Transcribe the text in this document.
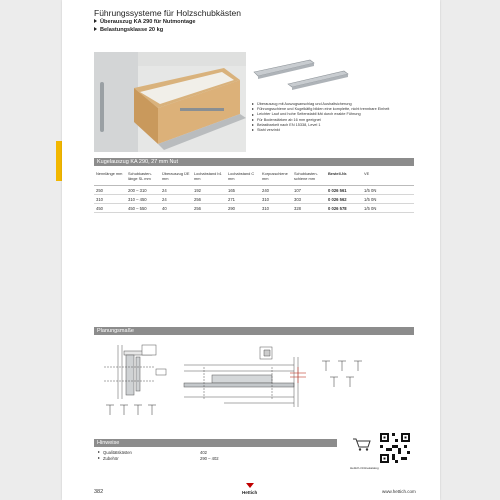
Führungssysteme für Holzschubkästen
Überauszug KA 290 für Nutmontage
Belastungsklasse 20 kg
Überauszug mit Auszugsanschlag und Aushaltsicherung
Führungsschiene und Kugelkäfig bilden eine komplette, nicht trennbare Einheit
Leichter Lauf und hohe Seitenstabil ität durch exakte Führung
Für Bodenstärken ab 16 mm geeignet
Belastbarkeit nach EN 15338, Level 1
Stahl verzinkt
Kugelauszug KA 290, 27 mm Nut
Nennlänge mm	Schubkasten-länge SL mm	Überauszug ÜE mm	Lochabstand b1 mm	Lochabstand C mm	Korpusschiene mm	Schubkasten-schiene mm	Bestell-Nr.	VE
250	200 – 310	24	192	165	240	107	0 026 561	1/5 0N
310	310 – 450	24	256	271	310	303	0 026 562	1/5 0N
450	450 – 550	40	256	290	310	328	0 026 578	1/5 0N
Planungsmaße
Hinweise
Qualitätskästen	402
Zubehör	290 – 402
Hettich-Onlinekatalog
382	Hettich	www.hettich.com
